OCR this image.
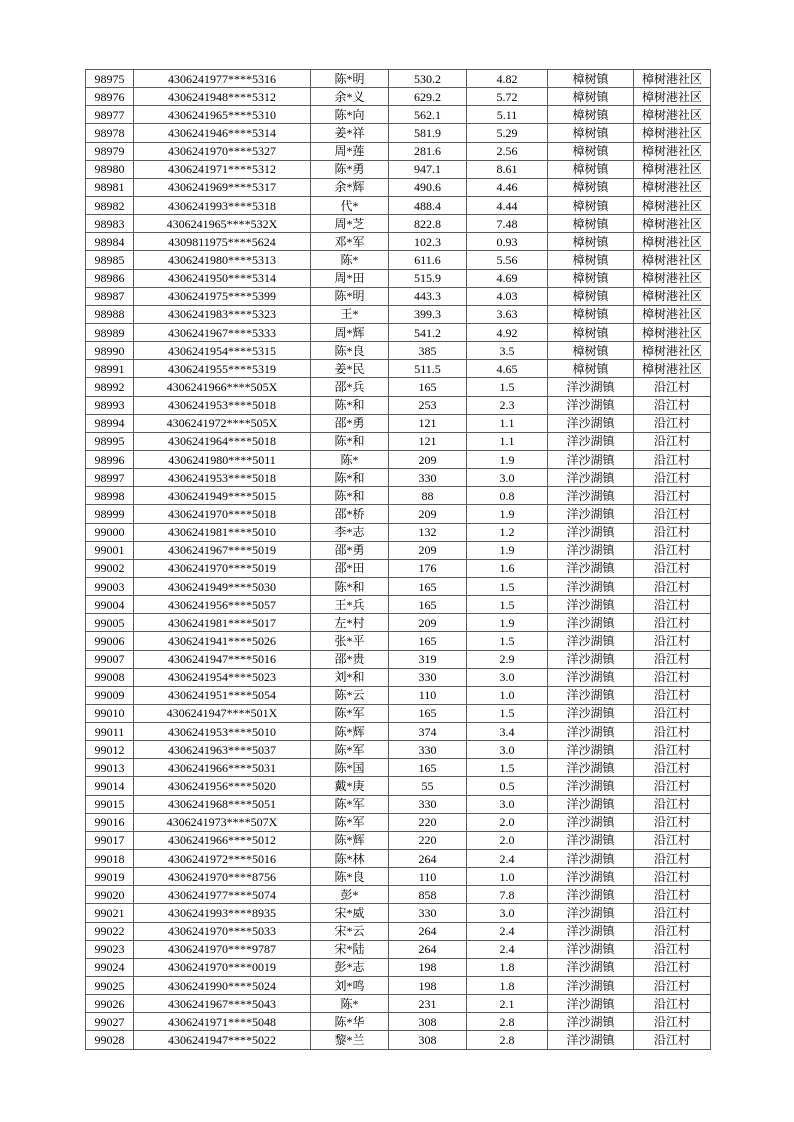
98975	4306241977****5316	陈*明	530.2	4.82	樟树镇	樟树港社区
98976	4306241948****5312	余*义	629.2	5.72	樟树镇	樟树港社区
98977	4306241965****5310	陈*向	562.1	5.11	樟树镇	樟树港社区
98978	4306241946****5314	姜*祥	581.9	5.29	樟树镇	樟树港社区
98979	4306241970****5327	周*莲	281.6	2.56	樟树镇	樟树港社区
98980	4306241971****5312	陈*勇	947.1	8.61	樟树镇	樟树港社区
98981	4306241969****5317	余*辉	490.6	4.46	樟树镇	樟树港社区
98982	4306241993****5318	代*	488.4	4.44	樟树镇	樟树港社区
98983	4306241965****532X	周*芝	822.8	7.48	樟树镇	樟树港社区
98984	4309811975****5624	邓*军	102.3	0.93	樟树镇	樟树港社区
98985	4306241980****5313	陈*	611.6	5.56	樟树镇	樟树港社区
98986	4306241950****5314	周*田	515.9	4.69	樟树镇	樟树港社区
98987	4306241975****5399	陈*明	443.3	4.03	樟树镇	樟树港社区
98988	4306241983****5323	王*	399.3	3.63	樟树镇	樟树港社区
98989	4306241967****5333	周*辉	541.2	4.92	樟树镇	樟树港社区
98990	4306241954****5315	陈*良	385	3.5	樟树镇	樟树港社区
98991	4306241955****5319	姜*民	511.5	4.65	樟树镇	樟树港社区
98992	4306241966****505X	邵*兵	165	1.5	洋沙湖镇	沿江村
98993	4306241953****5018	陈*和	253	2.3	洋沙湖镇	沿江村
98994	4306241972****505X	邵*勇	121	1.1	洋沙湖镇	沿江村
98995	4306241964****5018	陈*和	121	1.1	洋沙湖镇	沿江村
98996	4306241980****5011	陈*	209	1.9	洋沙湖镇	沿江村
98997	4306241953****5018	陈*和	330	3.0	洋沙湖镇	沿江村
98998	4306241949****5015	陈*和	88	0.8	洋沙湖镇	沿江村
98999	4306241970****5018	邵*桥	209	1.9	洋沙湖镇	沿江村
99000	4306241981****5010	李*志	132	1.2	洋沙湖镇	沿江村
99001	4306241967****5019	邵*勇	209	1.9	洋沙湖镇	沿江村
99002	4306241970****5019	邵*田	176	1.6	洋沙湖镇	沿江村
99003	4306241949****5030	陈*和	165	1.5	洋沙湖镇	沿江村
99004	4306241956****5057	王*兵	165	1.5	洋沙湖镇	沿江村
99005	4306241981****5017	左*村	209	1.9	洋沙湖镇	沿江村
99006	4306241941****5026	张*平	165	1.5	洋沙湖镇	沿江村
99007	4306241947****5016	邵*贵	319	2.9	洋沙湖镇	沿江村
99008	4306241954****5023	刘*和	330	3.0	洋沙湖镇	沿江村
99009	4306241951****5054	陈*云	110	1.0	洋沙湖镇	沿江村
99010	4306241947****501X	陈*军	165	1.5	洋沙湖镇	沿江村
99011	4306241953****5010	陈*辉	374	3.4	洋沙湖镇	沿江村
99012	4306241963****5037	陈*军	330	3.0	洋沙湖镇	沿江村
99013	4306241966****5031	陈*国	165	1.5	洋沙湖镇	沿江村
99014	4306241956****5020	戴*庚	55	0.5	洋沙湖镇	沿江村
99015	4306241968****5051	陈*军	330	3.0	洋沙湖镇	沿江村
99016	4306241973****507X	陈*军	220	2.0	洋沙湖镇	沿江村
99017	4306241966****5012	陈*辉	220	2.0	洋沙湖镇	沿江村
99018	4306241972****5016	陈*林	264	2.4	洋沙湖镇	沿江村
99019	4306241970****8756	陈*良	110	1.0	洋沙湖镇	沿江村
99020	4306241977****5074	彭*	858	7.8	洋沙湖镇	沿江村
99021	4306241993****8935	宋*威	330	3.0	洋沙湖镇	沿江村
99022	4306241970****5033	宋*云	264	2.4	洋沙湖镇	沿江村
99023	4306241970****9787	宋*陆	264	2.4	洋沙湖镇	沿江村
99024	4306241970****0019	彭*志	198	1.8	洋沙湖镇	沿江村
99025	4306241990****5024	刘*鸣	198	1.8	洋沙湖镇	沿江村
99026	4306241967****5043	陈*	231	2.1	洋沙湖镇	沿江村
99027	4306241971****5048	陈*华	308	2.8	洋沙湖镇	沿江村
99028	4306241947****5022	黎*兰	308	2.8	洋沙湖镇	沿江村
